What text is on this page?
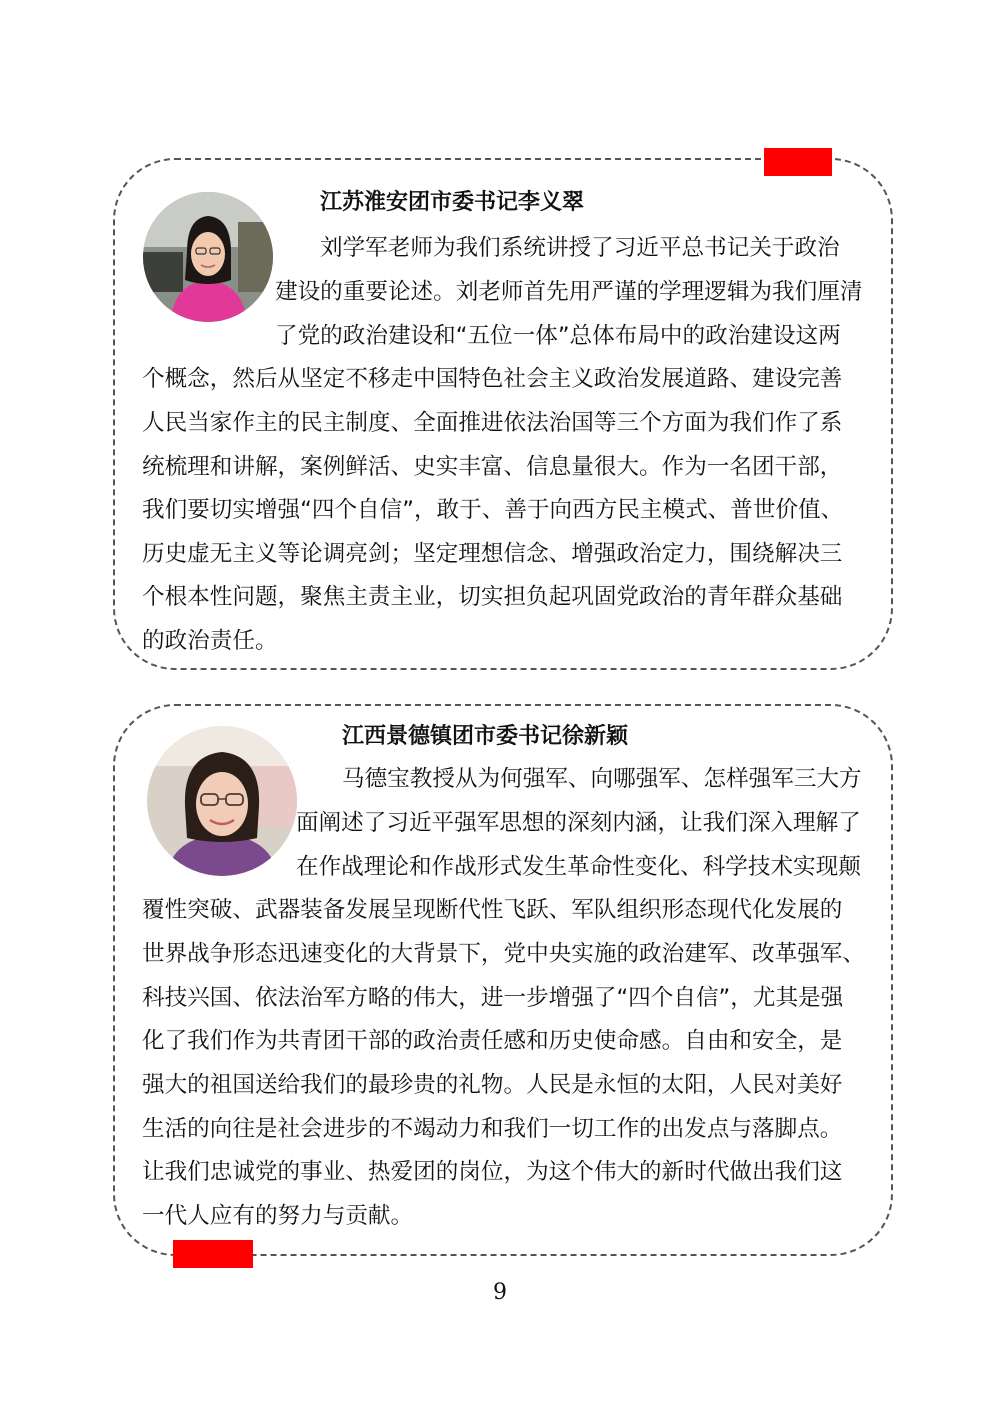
江苏淮安团市委书记李义翠
刘学军老师为我们系统讲授了习近平总书记关于政治
建设的重要论述。刘老师首先用严谨的学理逻辑为我们厘清
了党的政治建设和“五位一体”总体布局中的政治建设这两
个概念，然后从坚定不移走中国特色社会主义政治发展道路、建设完善
人民当家作主的民主制度、全面推进依法治国等三个方面为我们作了系
统梳理和讲解，案例鲜活、史实丰富、信息量很大。作为一名团干部，
我们要切实增强“四个自信”，敢于、善于向西方民主模式、普世价值、
历史虚无主义等论调亮剑；坚定理想信念、增强政治定力，围绕解决三
个根本性问题，聚焦主责主业，切实担负起巩固党政治的青年群众基础
的政治责任。
江西景德镇团市委书记徐新颖
马德宝教授从为何强军、向哪强军、怎样强军三大方
面阐述了习近平强军思想的深刻内涵，让我们深入理解了
在作战理论和作战形式发生革命性变化、科学技术实现颠
覆性突破、武器装备发展呈现断代性飞跃、军队组织形态现代化发展的
世界战争形态迅速变化的大背景下，党中央实施的政治建军、改革强军、
科技兴国、依法治军方略的伟大，进一步增强了“四个自信”，尤其是强
化了我们作为共青团干部的政治责任感和历史使命感。自由和安全，是
强大的祖国送给我们的最珍贵的礼物。人民是永恒的太阳，人民对美好
生活的向往是社会进步的不竭动力和我们一切工作的出发点与落脚点。
让我们忠诚党的事业、热爱团的岗位，为这个伟大的新时代做出我们这
一代人应有的努力与贡献。
9
